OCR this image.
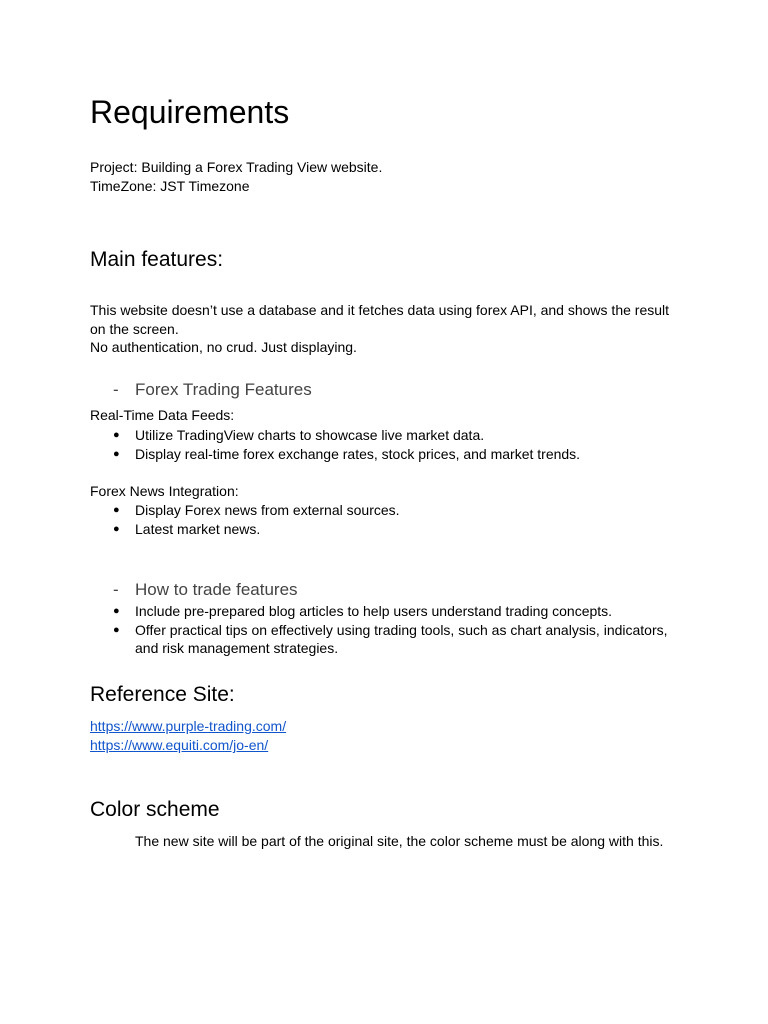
Requirements
Project: Building a Forex Trading View website.
TimeZone: JST Timezone
Main features:
This website doesn’t use a database and it fetches data using forex API, and shows the result
on the screen.
No authentication, no crud. Just displaying.
- Forex Trading Features
Real-Time Data Feeds:
● Utilize TradingView charts to showcase live market data.
● Display real-time forex exchange rates, stock prices, and market trends.
Forex News Integration:
● Display Forex news from external sources.
● Latest market news.
- How to trade features
● Include pre-prepared blog articles to help users understand trading concepts.
● Offer practical tips on effectively using trading tools, such as chart analysis, indicators,
and risk management strategies.
Reference Site:
https://www.purple-trading.com/
https://www.equiti.com/jo-en/
Color scheme
The new site will be part of the original site, the color scheme must be along with this.
